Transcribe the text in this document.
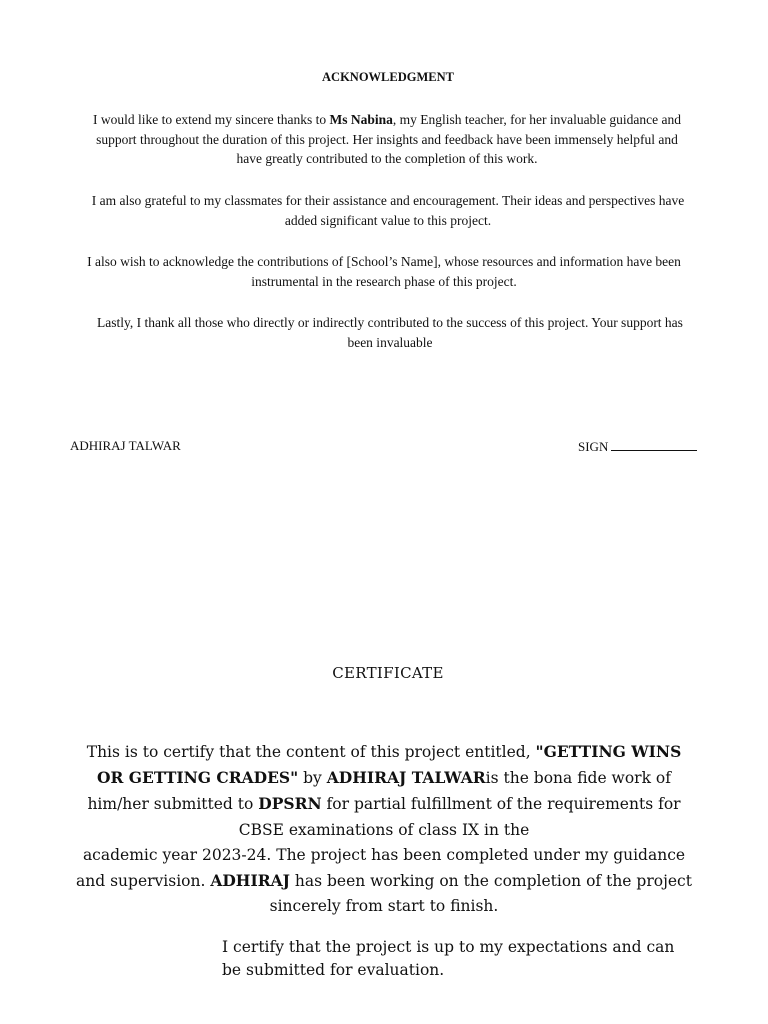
ACKNOWLEDGMENT
I would like to extend my sincere thanks to Ms Nabina, my English teacher, for her invaluable guidance and support throughout the duration of this project. Her insights and feedback have been immensely helpful and have greatly contributed to the completion of this work.
I am also grateful to my classmates for their assistance and encouragement. Their ideas and perspectives have added significant value to this project.
I also wish to acknowledge the contributions of [School’s Name], whose resources and information have been instrumental in the research phase of this project.
Lastly, I thank all those who directly or indirectly contributed to the success of this project. Your support has been invaluable
ADHIRAJ TALWAR	SIGN
CERTIFICATE
This is to certify that the content of this project entitled, "GETTING WINS OR GETTING CRADES" by ADHIRAJ TALWARis the bona fide work of him/her submitted to DPSRN for partial fulfillment of the requirements for CBSE examinations of class IX in the
academic year 2023-24. The project has been completed under my guidance and supervision. ADHIRAJ has been working on the completion of the project sincerely from start to finish.
I certify that the project is up to my expectations and can be submitted for evaluation.
